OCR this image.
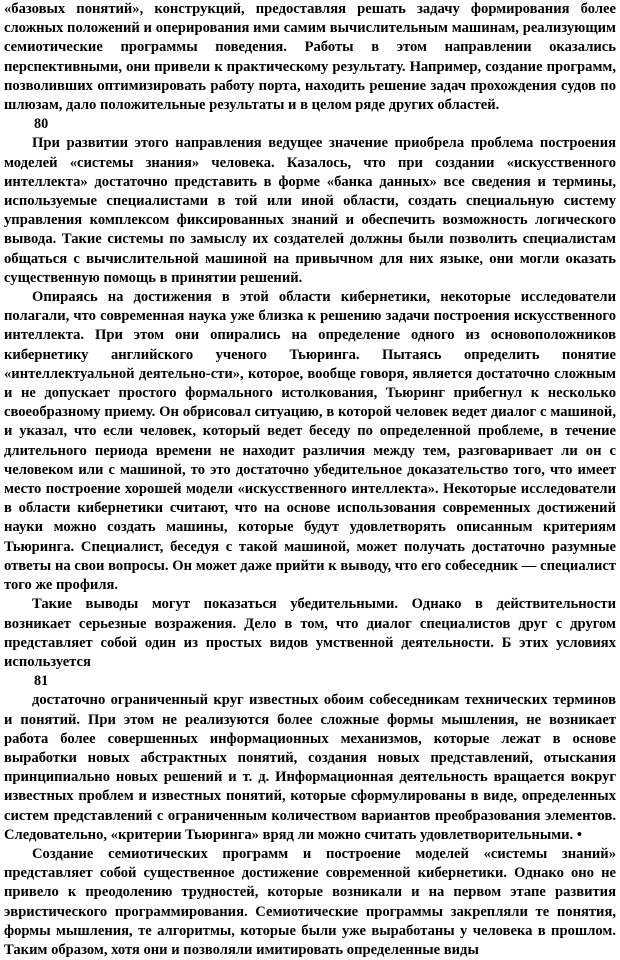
«базовых понятий», конструкций, предоставляя решать задачу формирования более сложных положений и оперирования ими самим вычислительным машинам, реализующим семиотические программы поведения. Работы в этом направлении оказались перспективными, они привели к практическому результату. Например, создание программ, позволивших оптимизировать работу порта, находить решение задач прохождения судов по шлюзам, дало положительные результаты и в целом ряде других областей.

80

При развитии этого направления ведущее значение приобрела проблема построения моделей «системы знания» человека. Казалось, что при создании «искусственного интеллекта» достаточно представить в форме «банка данных» все сведения и термины, используемые специалистами в той или иной области, создать специальную систему управления комплексом фиксированных знаний и обеспечить возможность логического вывода. Такие системы по замыслу их создателей должны были позволить специалистам общаться с вычислительной машиной на привычном для них языке, они могли оказать существенную помощь в принятии решений.

Опираясь на достижения в этой области кибернетики, некоторые исследователи полагали, что современная наука уже близка к решению задачи построения искусственного интеллекта. При этом они опирались на определение одного из основоположников кибернетику английского ученого Тьюринга. Пытаясь определить понятие «интеллектуальной деятельно-сти», которое, вообще говоря, является достаточно сложным и не допускает простого формального истолкования, Тьюринг прибегнул к несколько своеобразному приему. Он обрисовал ситуацию, в которой человек ведет диалог с машиной, и указал, что если человек, который ведет беседу по определенной проблеме, в течение длительного периода времени не находит различия между тем, разговаривает ли он с человеком или с машиной, то это достаточно убедительное доказательство того, что имеет место построение хорошей модели «искусственного интеллекта». Некоторые исследователи в области кибернетики считают, что на основе использования современных достижений науки можно создать машины, которые будут удовлетворять описанным критериям Тьюринга. Специалист, беседуя с такой машиной, может получать достаточно разумные ответы на свои вопросы. Он может даже прийти к выводу, что его собеседник — специалист того же профиля.

Такие выводы могут показаться убедительными. Однако в действительности возникает серьезные возражения. Дело в том, что диалог специалистов друг с другом представляет собой один из простых видов умственной деятельности. Б этих условиях используется

81

достаточно ограниченный круг известных обоим собеседникам технических терминов и понятий. При этом не реализуются более сложные формы мышления, не возникает работа более совершенных информационных механизмов, которые лежат в основе выработки новых абстрактных понятий, создания новых представлений, отыскания принципиально новых решений и т. д. Информационная деятельность вращается вокруг известных проблем и известных понятий, которые сформулированы в виде, определенных систем представлений с ограниченным количеством вариантов преобразования элементов. Следовательно, «критерии Тьюринга» вряд ли можно считать удовлетворительными. •

Создание семиотических программ и построение моделей «системы знаний» представляет собой существенное достижение современной кибернетики. Однако оно не привело к преодолению трудностей, которые возникали и на первом этапе развития эвристического программирования. Семиотические программы закрепляли те понятия, формы мышления, те алгоритмы, которые были уже выработаны у человека в прошлом. Таким образом, хотя они и позволяли имитировать определенные виды
